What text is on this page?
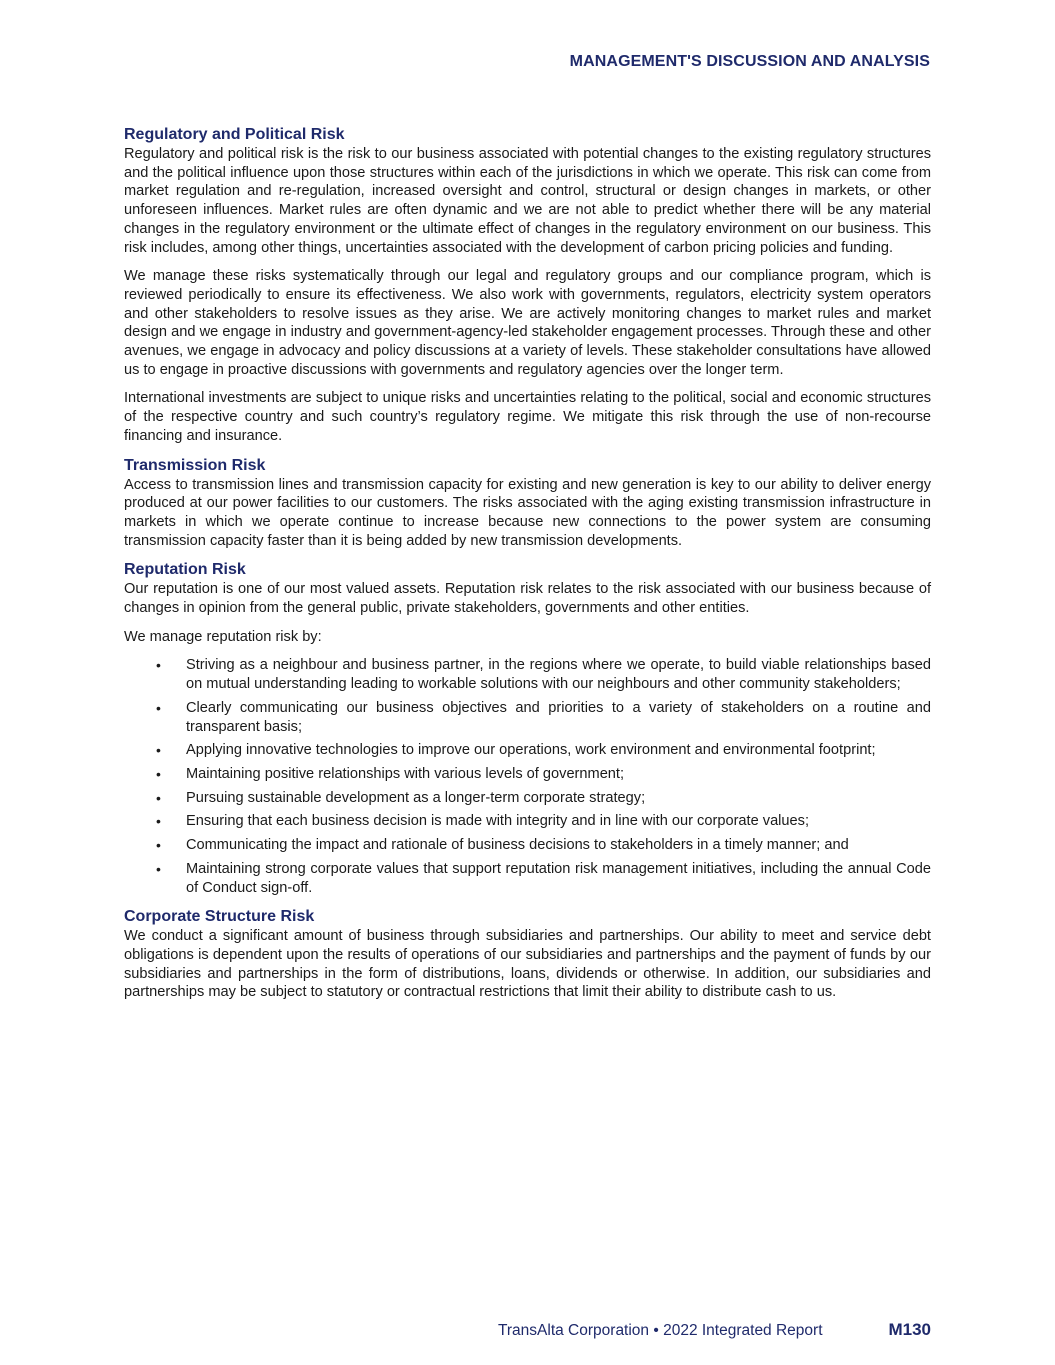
MANAGEMENT'S DISCUSSION AND ANALYSIS
Regulatory and Political Risk

Regulatory and political risk is the risk to our business associated with potential changes to the existing regulatory structures and the political influence upon those structures within each of the jurisdictions in which we operate. This risk can come from market regulation and re-regulation, increased oversight and control, structural or design changes in markets, or other unforeseen influences. Market rules are often dynamic and we are not able to predict whether there will be any material changes in the regulatory environment or the ultimate effect of changes in the regulatory environment on our business. This risk includes, among other things, uncertainties associated with the development of carbon pricing policies and funding.

We manage these risks systematically through our legal and regulatory groups and our compliance program, which is reviewed periodically to ensure its effectiveness. We also work with governments, regulators, electricity system operators and other stakeholders to resolve issues as they arise. We are actively monitoring changes to market rules and market design and we engage in industry and government-agency-led stakeholder engagement processes. Through these and other avenues, we engage in advocacy and policy discussions at a variety of levels. These stakeholder consultations have allowed us to engage in proactive discussions with governments and regulatory agencies over the longer term.

International investments are subject to unique risks and uncertainties relating to the political, social and economic structures of the respective country and such country’s regulatory regime. We mitigate this risk through the use of non-recourse financing and insurance.

Transmission Risk

Access to transmission lines and transmission capacity for existing and new generation is key to our ability to deliver energy produced at our power facilities to our customers. The risks associated with the aging existing transmission infrastructure in markets in which we operate continue to increase because new connections to the power system are consuming transmission capacity faster than it is being added by new transmission developments.

Reputation Risk

Our reputation is one of our most valued assets. Reputation risk relates to the risk associated with our business because of changes in opinion from the general public, private stakeholders, governments and other entities.

We manage reputation risk by:

• Striving as a neighbour and business partner, in the regions where we operate, to build viable relationships based on mutual understanding leading to workable solutions with our neighbours and other community stakeholders;
• Clearly communicating our business objectives and priorities to a variety of stakeholders on a routine and transparent basis;
• Applying innovative technologies to improve our operations, work environment and environmental footprint;
• Maintaining positive relationships with various levels of government;
• Pursuing sustainable development as a longer-term corporate strategy;
• Ensuring that each business decision is made with integrity and in line with our corporate values;
• Communicating the impact and rationale of business decisions to stakeholders in a timely manner; and
• Maintaining strong corporate values that support reputation risk management initiatives, including the annual Code of Conduct sign-off.
Corporate Structure Risk

We conduct a significant amount of business through subsidiaries and partnerships. Our ability to meet and service debt obligations is dependent upon the results of operations of our subsidiaries and partnerships and the payment of funds by our subsidiaries and partnerships in the form of distributions, loans, dividends or otherwise. In addition, our subsidiaries and partnerships may be subject to statutory or contractual restrictions that limit their ability to distribute cash to us.

TransAlta Corporation • 2022 Integrated Report	M130
